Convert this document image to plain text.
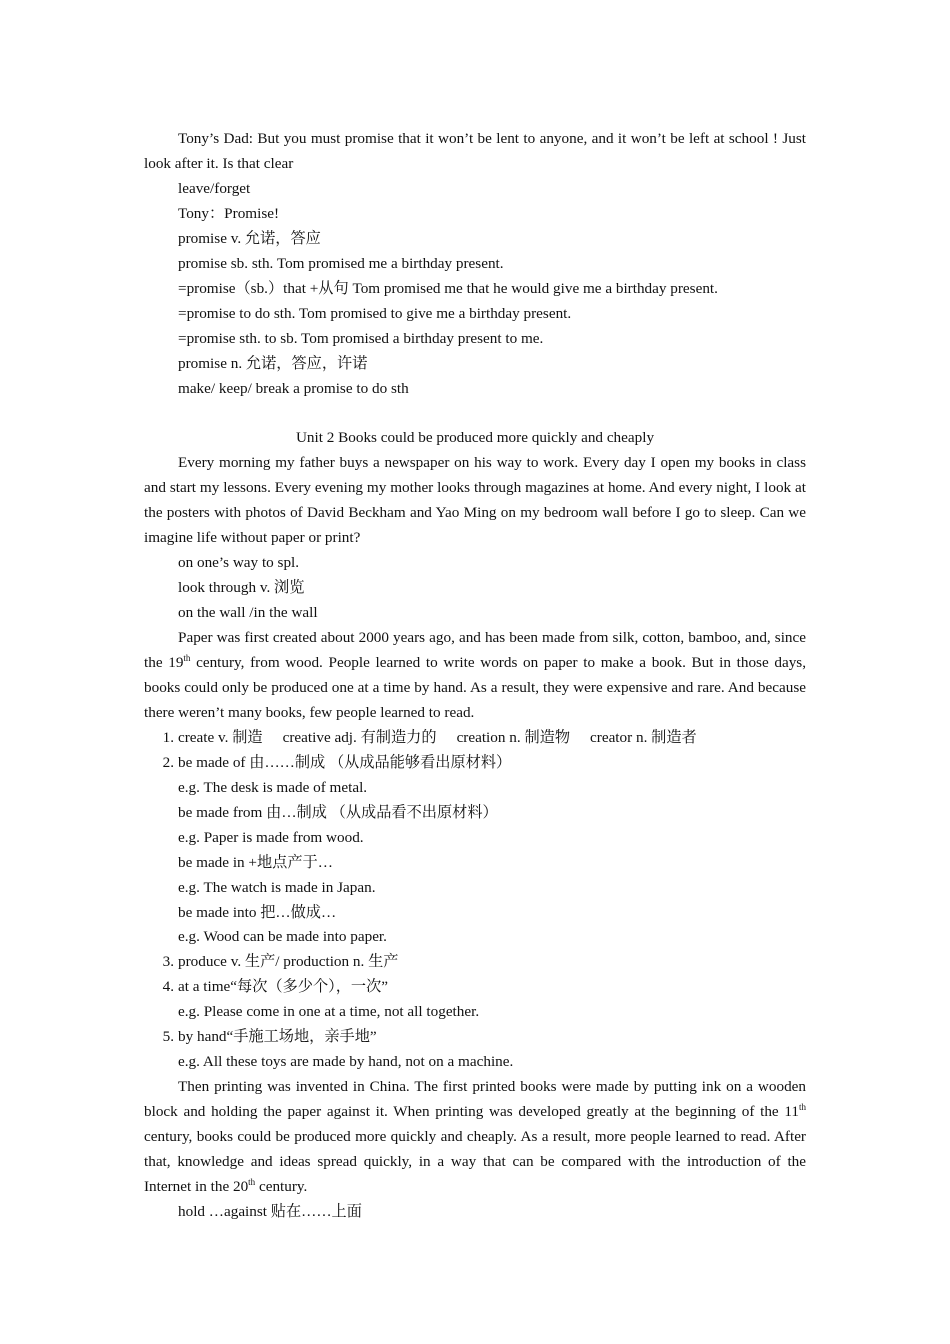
Tony’s Dad: But you must promise that it won’t be lent to anyone, and it won’t be left at school ! Just look after it. Is that clear

leave/forget

Tony：Promise!

promise v. 允诺，答应

promise sb. sth. Tom promised me a birthday present.

=promise（sb.）that +从句 Tom promised me that he would give me a birthday present.

=promise to do sth. Tom promised to give me a birthday present.

=promise sth. to sb. Tom promised a birthday present to me.

promise n. 允诺，答应，许诺

make/ keep/ break a promise to do sth

Unit 2 Books could be produced more quickly and cheaply

Every morning my father buys a newspaper on his way to work. Every day I open my books in class and start my lessons. Every evening my mother looks through magazines at home. And every night, I look at the posters with photos of David Beckham and Yao Ming on my bedroom wall before I go to sleep. Can we imagine life without paper or print?

on one’s way to spl.

look through v. 浏览

on the wall /in the wall

Paper was first created about 2000 years ago, and has been made from silk, cotton, bamboo, and, since the 19th century, from wood. People learned to write words on paper to make a book. But in those days, books could only be produced one at a time by hand. As a result, they were expensive and rare. And because there weren’t many books, few people learned to read.

1. create v. 制造 creative adj. 有制造力的 creation n. 制造物 creator n. 制造者
2. be made of 由……制成 （从成品能够看出原材料）

e.g. The desk is made of metal.

be made from 由…制成 （从成品看不出原材料）

e.g. Paper is made from wood.

be made in +地点产于…

e.g. The watch is made in Japan.

be made into 把…做成…

e.g. Wood can be made into paper.

3. produce v. 生产/ production n. 生产
4. at a time“每次（多少个），一次”

e.g. Please come in one at a time, not all together.

5. by hand“手施工场地，亲手地”

e.g. All these toys are made by hand, not on a machine.

Then printing was invented in China. The first printed books were made by putting ink on a wooden block and holding the paper against it. When printing was developed greatly at the beginning of the 11th century, books could be produced more quickly and cheaply. As a result, more people learned to read. After that, knowledge and ideas spread quickly, in a way that can be compared with the introduction of the Internet in the 20th century.

hold …against 贴在……上面
